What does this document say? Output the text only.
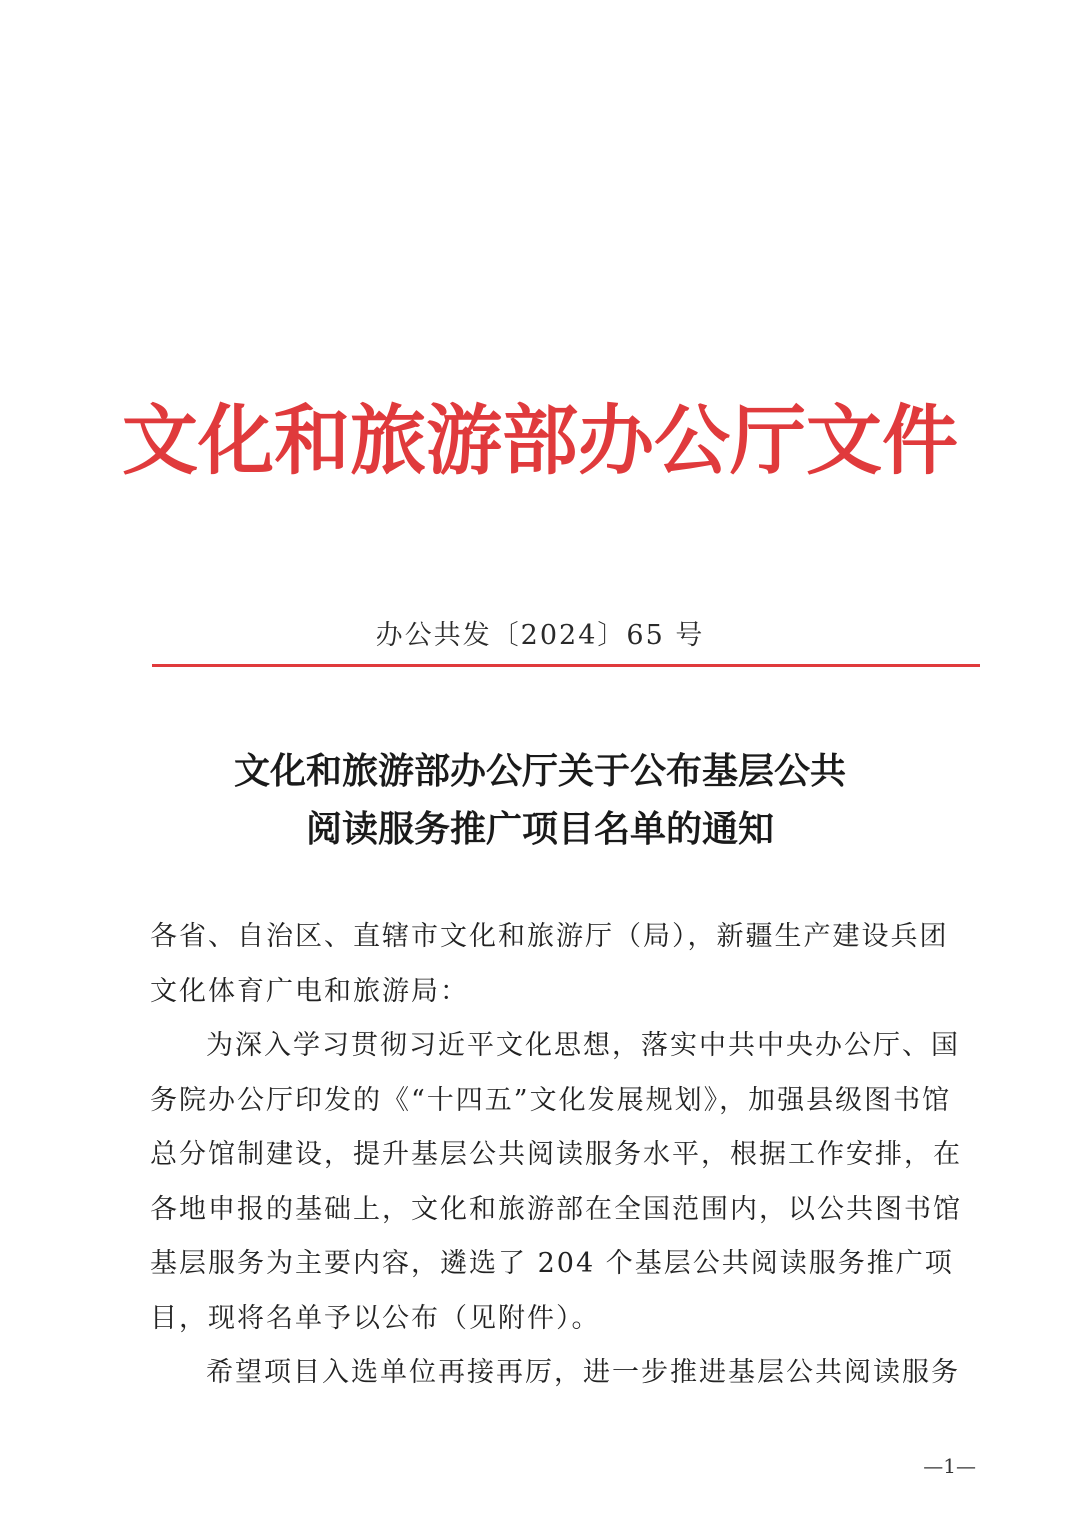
文化和旅游部办公厅文件
办公共发〔2024〕65 号
文化和旅游部办公厅关于公布基层公共
阅读服务推广项目名单的通知
各省、自治区、直辖市文化和旅游厅（局），新疆生产建设兵团
文化体育广电和旅游局：
为深入学习贯彻习近平文化思想，落实中共中央办公厅、国
务院办公厅印发的《“十四五”文化发展规划》，加强县级图书馆
总分馆制建设，提升基层公共阅读服务水平，根据工作安排，在
各地申报的基础上，文化和旅游部在全国范围内，以公共图书馆
基层服务为主要内容，遴选了 204 个基层公共阅读服务推广项
目，现将名单予以公布（见附件）。
希望项目入选单位再接再厉，进一步推进基层公共阅读服务
—1—
